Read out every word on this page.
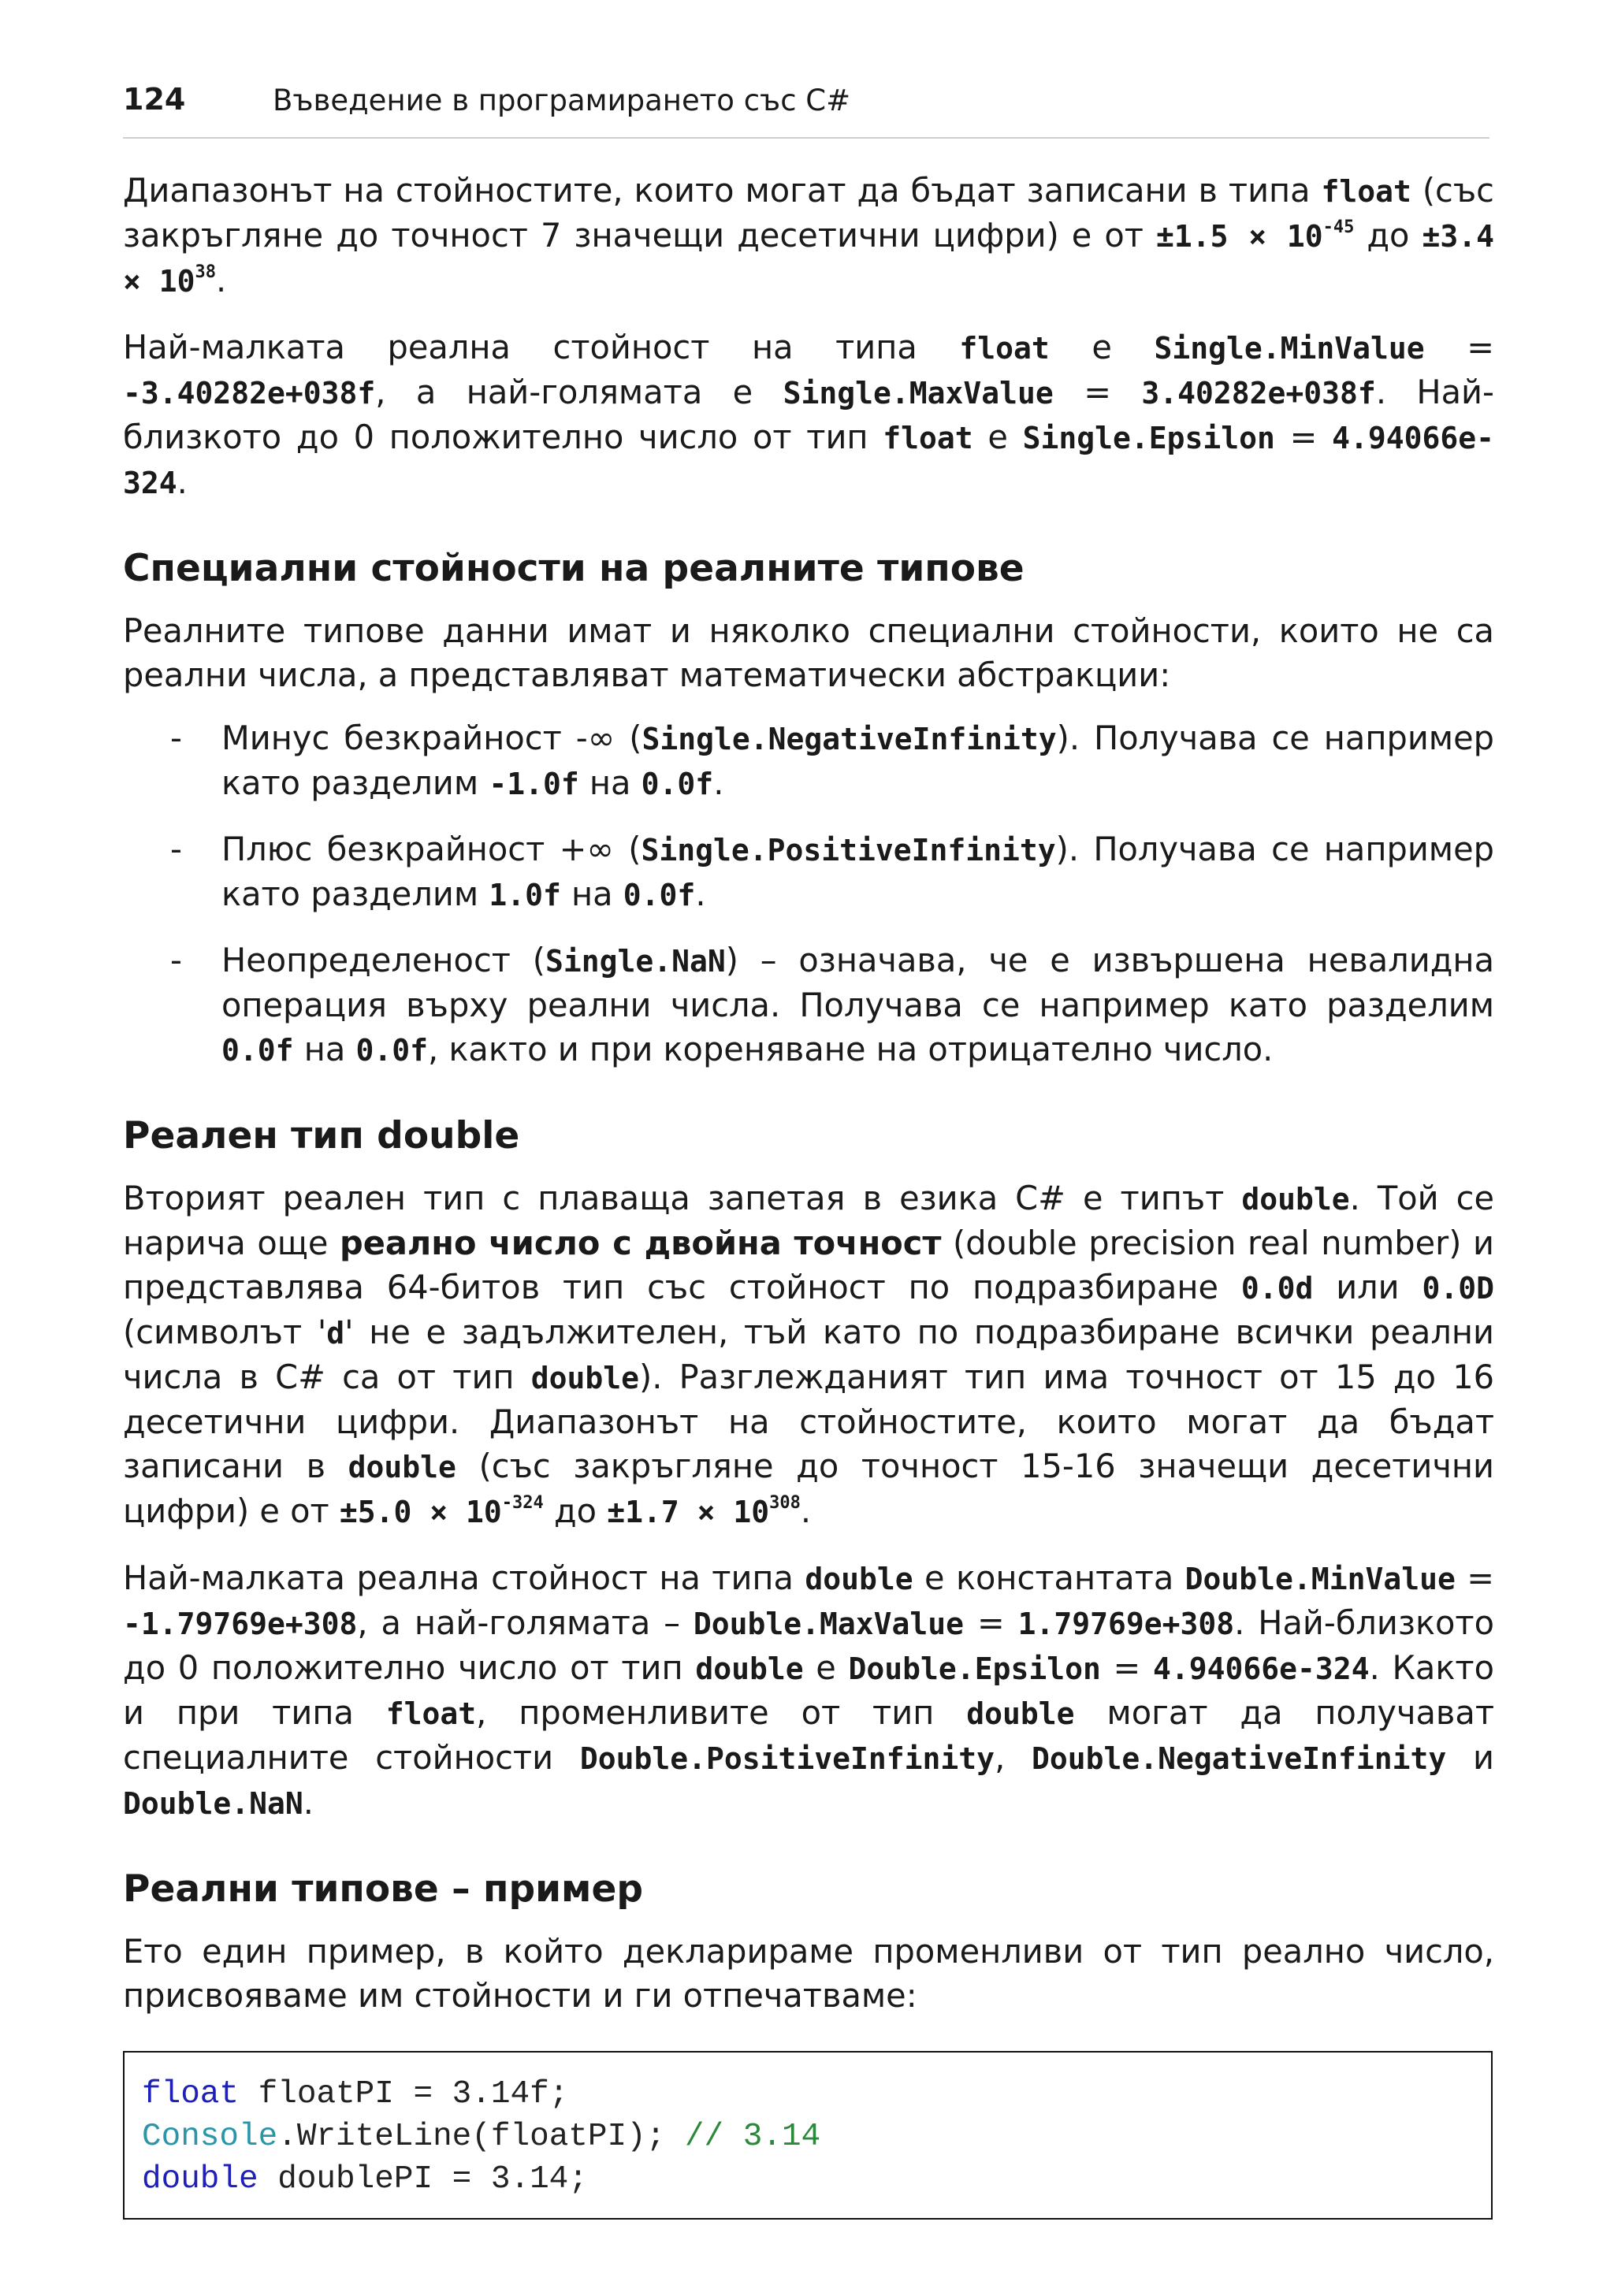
124	Въведение в програмирането със C#

Диапазонът на стойностите, които могат да бъдат записани в типа float (със закръгляне до точност 7 значещи десетични цифри) е от $\pm 1.5 \times 10^{-45}$ до $\pm 3.4 \times 10^{38}$.

Най-малката реална стойност на типа float е Single.MinValue = -3.40282e+038f, а най-голямата е Single.MaxValue = 3.40282e+038f. Най-близкото до 0 положително число от тип float е Single.Epsilon = 4.94066e-324.

Специални стойности на реалните типове

Реалните типове данни имат и няколко специални стойности, които не са реални числа, а представляват математически абстракции:

- Минус безкрайност -∞ (Single.NegativeInfinity). Получава се например като разделим -1.0f на 0.0f.
- Плюс безкрайност +∞ (Single.PositiveInfinity). Получава се например като разделим 1.0f на 0.0f.
- Неопределеност (Single.NaN) – означава, че е извършена невалидна операция върху реални числа. Получава се например като разделим 0.0f на 0.0f, както и при кореняване на отрицателно число.
Реален тип double

Вторият реален тип с плаваща запетая в езика C# е типът double. Той се нарича още реално число с двойна точност (double precision real number) и представлява 64-битов тип със стойност по подразбиране 0.0d или 0.0D (символът 'd' не е задължителен, тъй като по подразбиране всички реални числа в C# са от тип double). Разглежданият тип има точност от 15 до 16 десетични цифри. Диапазонът на стойностите, които могат да бъдат записани в double (със закръгляне до точност 15-16 значещи десетични цифри) е от $\pm 5.0 \times 10^{-324}$ до $\pm 1.7 \times 10^{308}$.

Най-малката реална стойност на типа double е константата Double.MinValue = -1.79769e+308, а най-голямата – Double.MaxValue = 1.79769e+308. Най-близкото до 0 положително число от тип double е Double.Epsilon = 4.94066e-324. Както и при типа float, променливите от тип double могат да получават специалните стойности Double.PositiveInfinity, Double.NegativeInfinity и Double.NaN.

Реални типове – пример

Ето един пример, в който декларираме променливи от тип реално число, присвояваме им стойности и ги отпечатваме:

float floatPI = 3.14f;
Console.WriteLine(floatPI); // 3.14
double doublePI = 3.14;
